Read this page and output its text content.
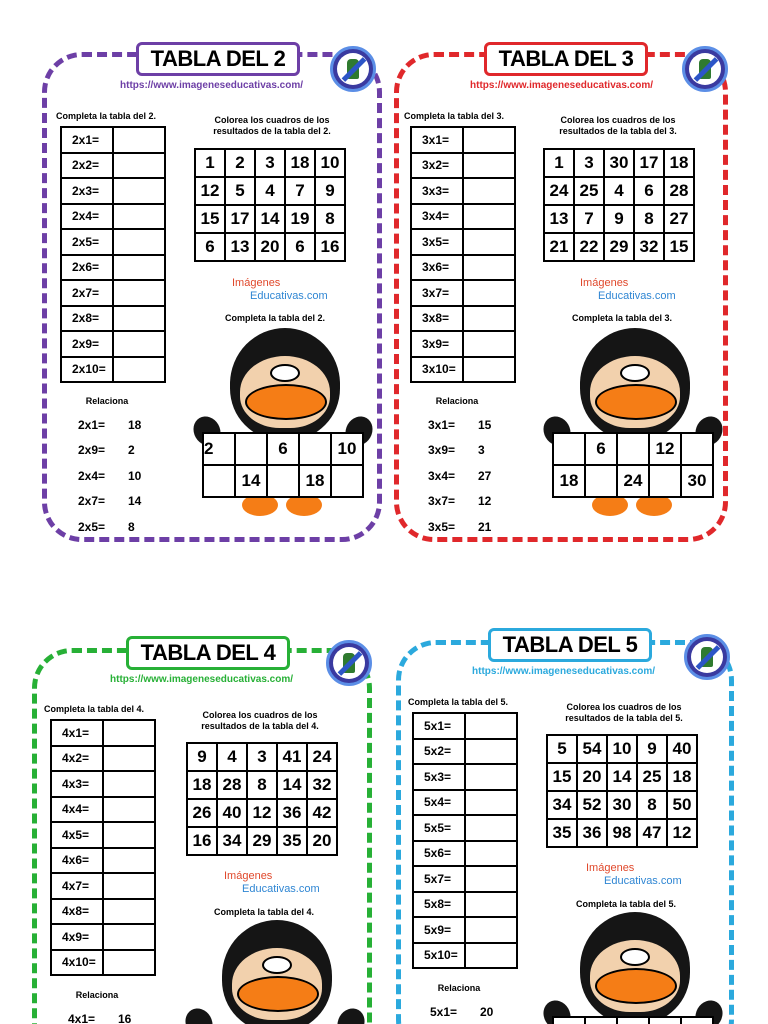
TABLA DEL 2
https://www.imageneseducativas.com/
Completa la tabla del 2.	Colorea los cuadros de los resultados de la tabla del 2.
2x1=	
2x2=	
2x3=	
2x4=	
2x5=	
2x6=	
2x7=	
2x8=	
2x9=	
2x10=	
1	2	3	18	10
12	5	4	7	9
15	17	14	19	8
6	13	20	6	16
Imágenes
Educativas.com
Completa la tabla del 2.
Relaciona
2x1=	18
2x9=	2
2x4=	10
2x7=	14
2x5=	8
2		6		10
	14		18	
TABLA DEL 3
https://www.imageneseducativas.com/
Completa la tabla del 3.	Colorea los cuadros de los resultados de la tabla del 3.
3x1=	
3x2=	
3x3=	
3x4=	
3x5=	
3x6=	
3x7=	
3x8=	
3x9=	
3x10=	
1	3	30	17	18
24	25	4	6	28
13	7	9	8	27
21	22	29	32	15
Imágenes
Educativas.com
Completa la tabla del 3.
Relaciona
3x1=	15
3x9=	3
3x4=	27
3x7=	12
3x5=	21
	6		12	
18		24		30
TABLA DEL 4
https://www.imageneseducativas.com/
Completa la tabla del 4.
Colorea los cuadros de los resultados de la tabla del 4.
4x1=	
4x2=	
4x3=	
4x4=	
4x5=	
4x6=	
4x7=	
4x8=	
4x9=	
4x10=	
9	4	3	41	24
18	28	8	14	32
26	40	12	36	42
16	34	29	35	20
Imágenes
Educativas.com
Completa la tabla del 4.
Relaciona
4x1=	16

TABLA DEL 5
https://www.imageneseducativas.com/
Completa la tabla del 5.	Colorea los cuadros de los resultados de la tabla del 5.
5x1=	
5x2=	
5x3=	
5x4=	
5x5=	
5x6=	
5x7=	
5x8=	
5x9=	
5x10=	
5	54	10	9	40
15	20	14	25	18
34	52	30	8	50
35	36	98	47	12
Imágenes
Educativas.com
Completa la tabla del 5.
Relaciona
5x1=	20
